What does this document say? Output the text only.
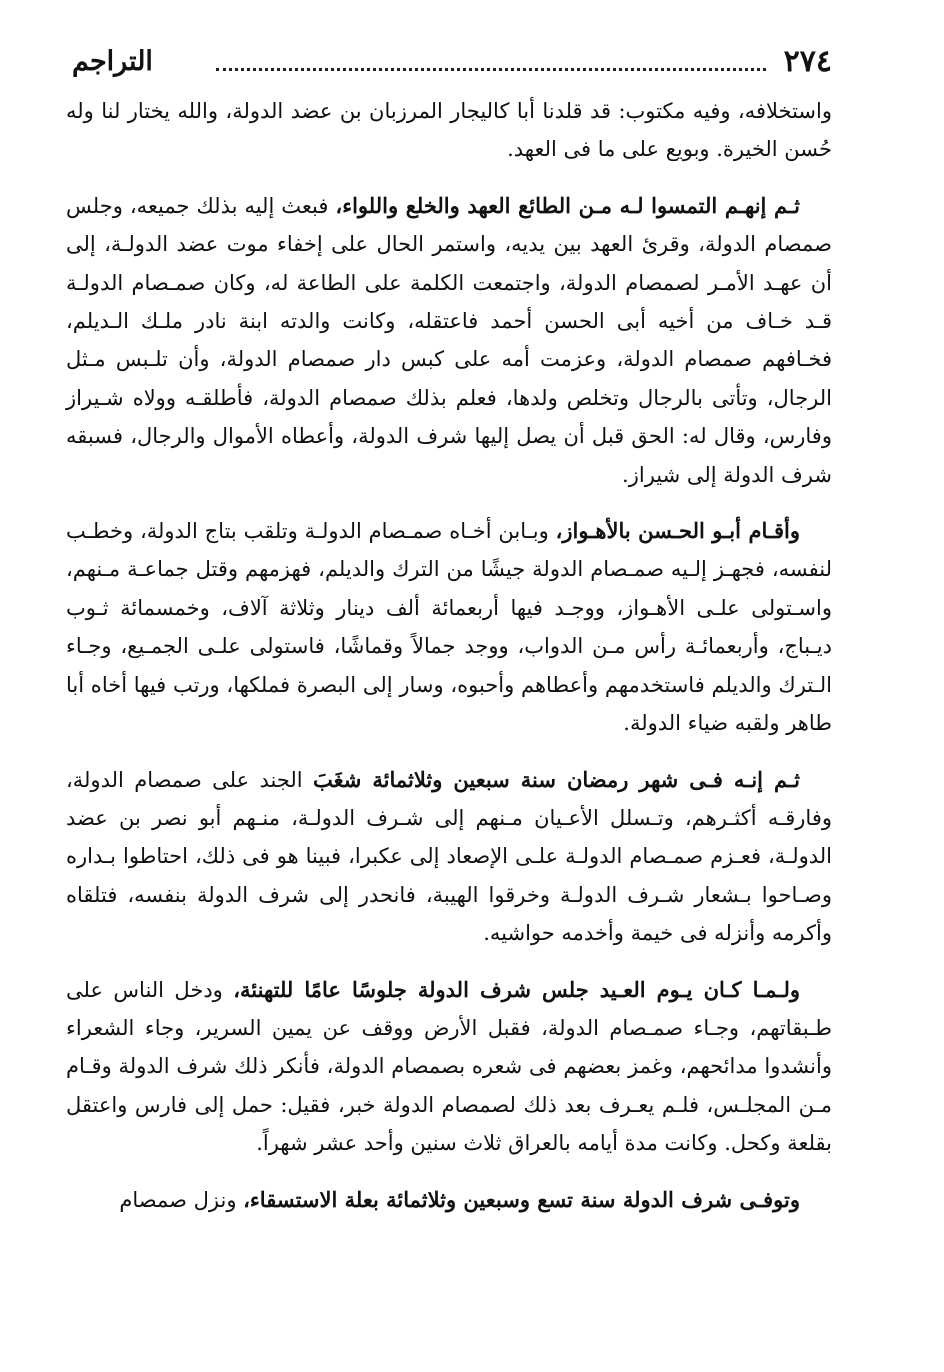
٢٧٤
التراجم

واستخلافه، وفيه مكتوب: قد قلدنا أبا كاليجار المرزبان بن عضد الدولة، والله يختار لنا وله حُسن الخيرة. وبويع على ما فى العهد.

ثـم إنهـم التمسوا لـه مـن الطائع العهد والخلع واللواء، فبعث إليه بذلك جميعه، وجلس صمصام الدولة، وقرئ العهد بين يديه، واستمر الحال على إخفاء موت عضد الدولـة، إلى أن عهـد الأمـر لصمصام الدولة، واجتمعت الكلمة على الطاعة له، وكان صمـصام الدولـة قـد خـاف من أخيه أبى الحسن أحمد فاعتقله، وكانت والدته ابنة نادر ملـك الـديلم، فخـافهم صمصام الدولة، وعزمت أمه على كبس دار صمصام الدولة، وأن تلـبس مـثل الرجال، وتأتى بالرجال وتخلص ولدها، فعلم بذلك صمصام الدولة، فأطلقـه وولاه شـيراز وفارس، وقال له: الحق قبل أن يصل إليها شرف الدولة، وأعطاه الأموال والرجال، فسبقه شرف الدولة إلى شيراز.

وأقـام أبـو الحـسن بالأهـواز، وبـابن أخـاه صمـصام الدولـة وتلقب بتاج الدولة، وخطـب لنفسه، فجهـز إلـيه صمـصام الدولة جيشًا من الترك والديلم، فهزمهم وقتل جماعـة مـنهم، واسـتولى علـى الأهـواز، ووجـد فيها أربعمائة ألف دينار وثلاثة آلاف، وخمسمائة ثـوب ديـباج، وأربعمائـة رأس مـن الدواب، ووجد جمالاً وقماشًا، فاستولى علـى الجمـيع، وجـاء الـترك والديلم فاستخدمهم وأعطاهم وأحبوه، وسار إلى البصرة فملكها، ورتب فيها أخاه أبا طاهر ولقبه ضياء الدولة.

ثـم إنـه فـى شهر رمضان سنة سبعين وثلاثمائة شغَبَ الجند على صمصام الدولة، وفارقـه أكثـرهم، وتـسلل الأعـيان مـنهم إلى شـرف الدولـة، منـهم أبو نصر بن عضد الدولـة، فعـزم صمـصام الدولـة علـى الإصعاد إلى عكبرا، فبينا هو فى ذلك، احتاطوا بـداره وصـاحوا بـشعار شـرف الدولـة وخرقوا الهيبة، فانحدر إلى شرف الدولة بنفسه، فتلقاه وأكرمه وأنزله فى خيمة وأخدمه حواشيه.

ولـمـا كـان يـوم العـيد جلس شرف الدولة جلوسًا عامًا للتهنئة، ودخل الناس على طـبقاتهم، وجـاء صمـصام الدولة، فقبل الأرض ووقف عن يمين السرير، وجاء الشعراء وأنشدوا مدائحهم، وغمز بعضهم فى شعره بصمصام الدولة، فأنكر ذلك شرف الدولة وقـام مـن المجلـس، فلـم يعـرف بعد ذلك لصمصام الدولة خبر، فقيل: حمل إلى فارس واعتقل بقلعة وكحل. وكانت مدة أيامه بالعراق ثلاث سنين وأحد عشر شهراً.

وتوفـى شرف الدولة سنة تسع وسبعين وثلاثمائة بعلة الاستسقاء، ونزل صمصام
